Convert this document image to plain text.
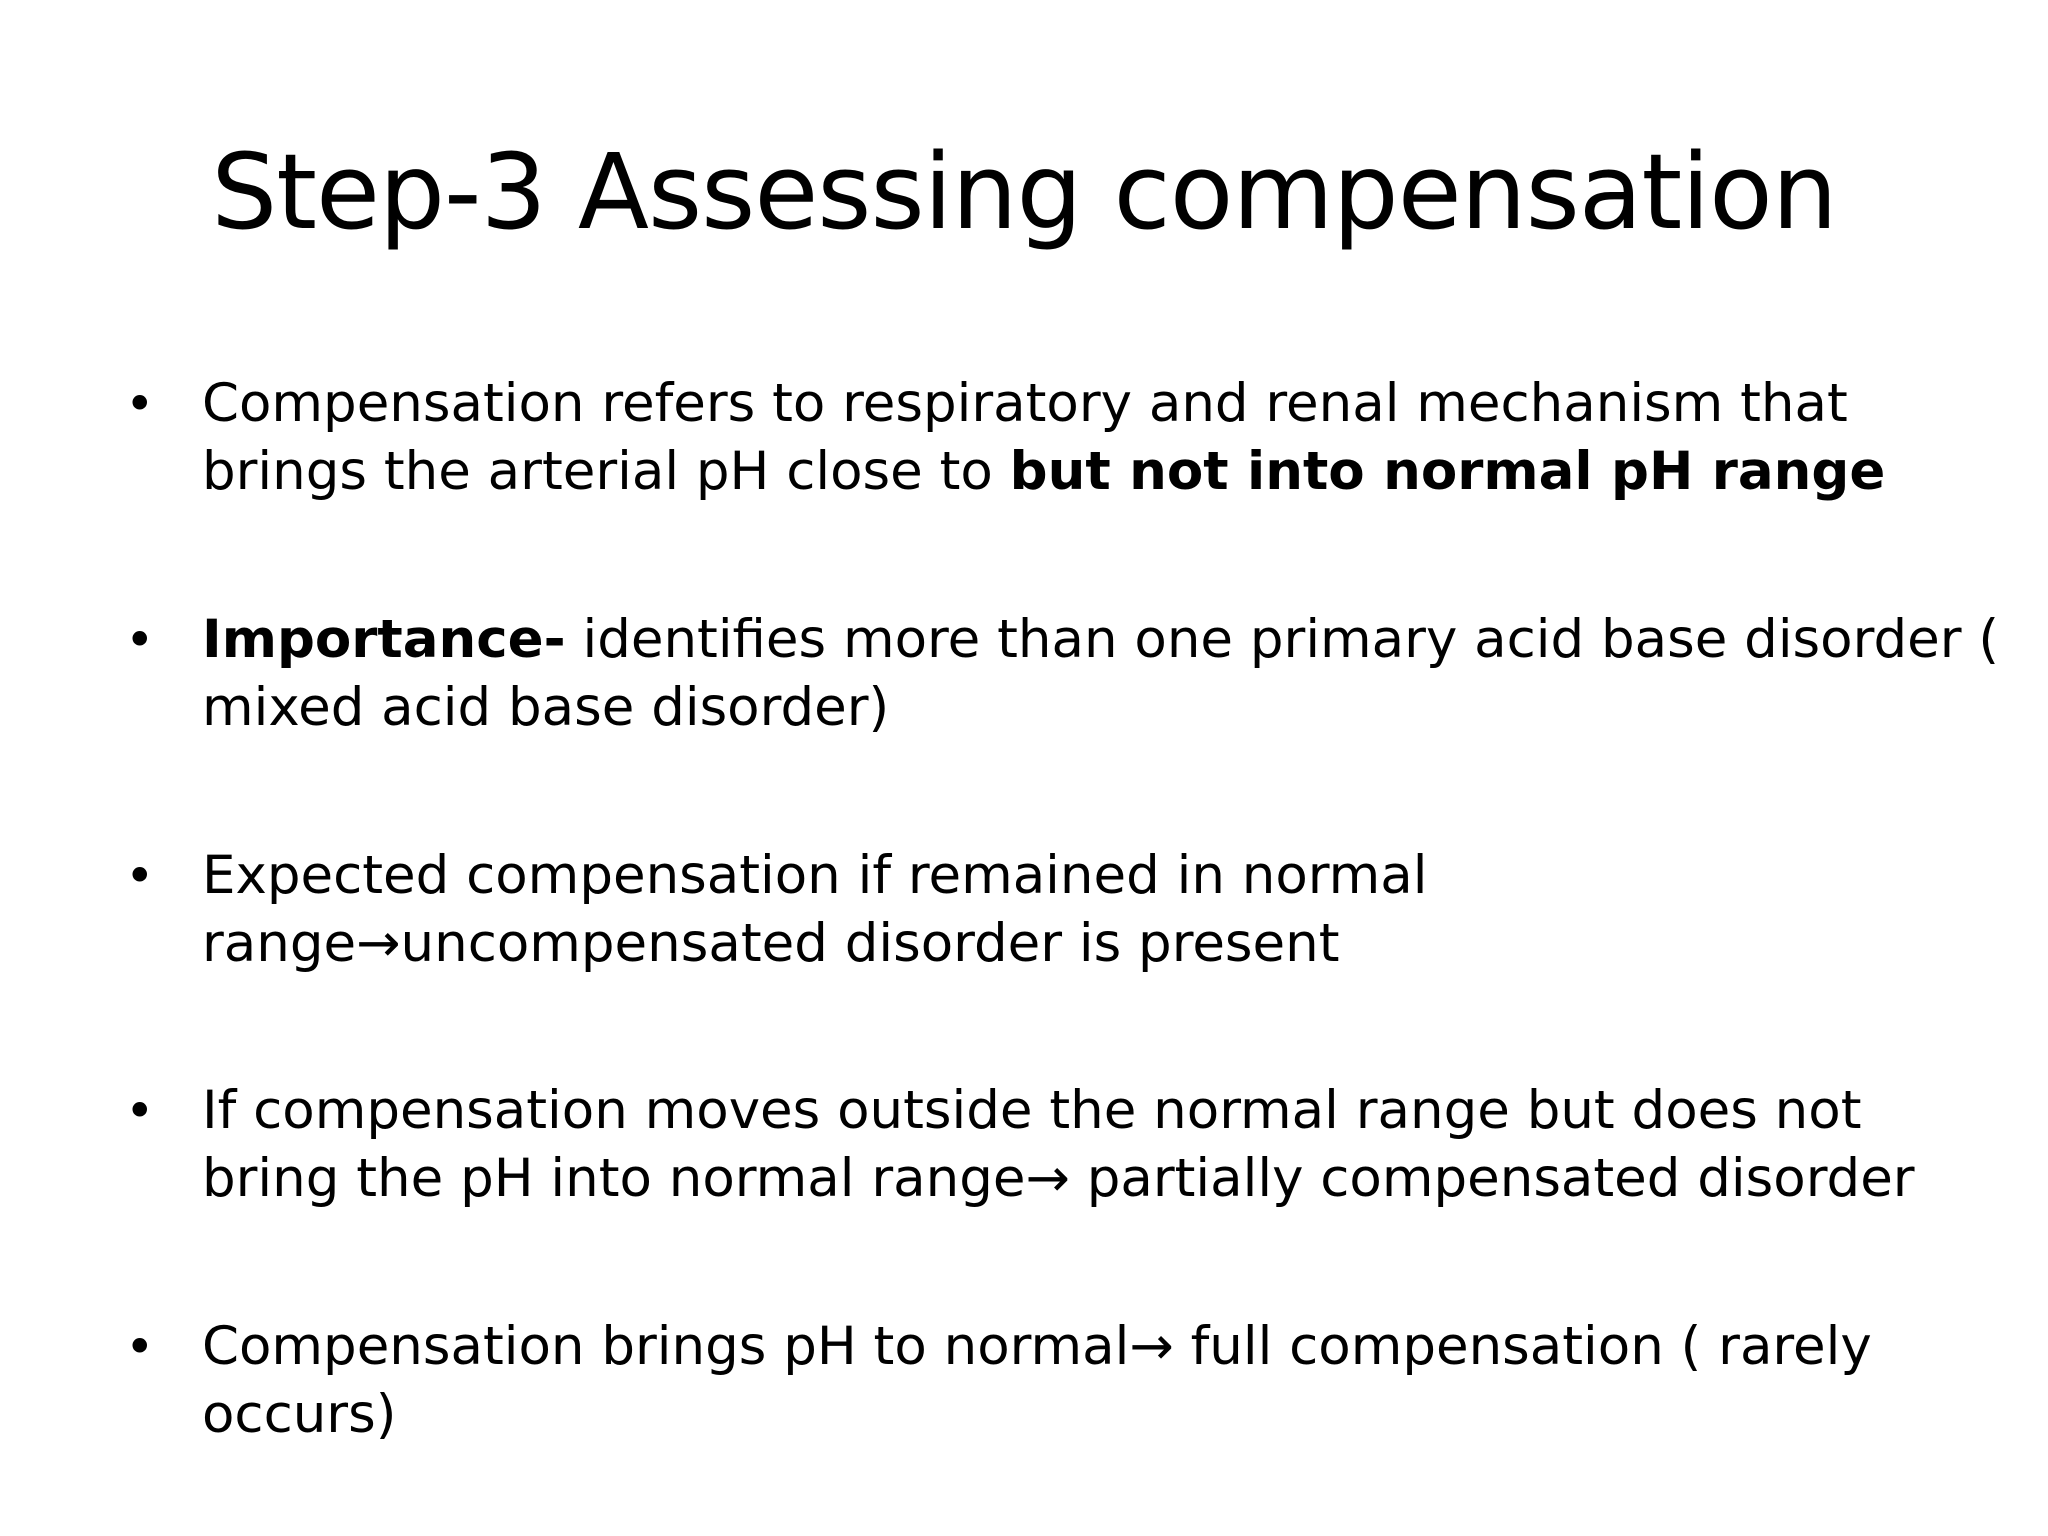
Step-3 Assessing compensation
• Compensation refers to respiratory and renal mechanism that
brings the arterial pH close to but not into normal pH range
• Importance- identifies more than one primary acid base disorder (
mixed acid base disorder)
• Expected compensation if remained in normal
range→uncompensated disorder is present
• If compensation moves outside the normal range but does not
bring the pH into normal range→ partially compensated disorder
• Compensation brings pH to normal→ full compensation ( rarely
occurs)
